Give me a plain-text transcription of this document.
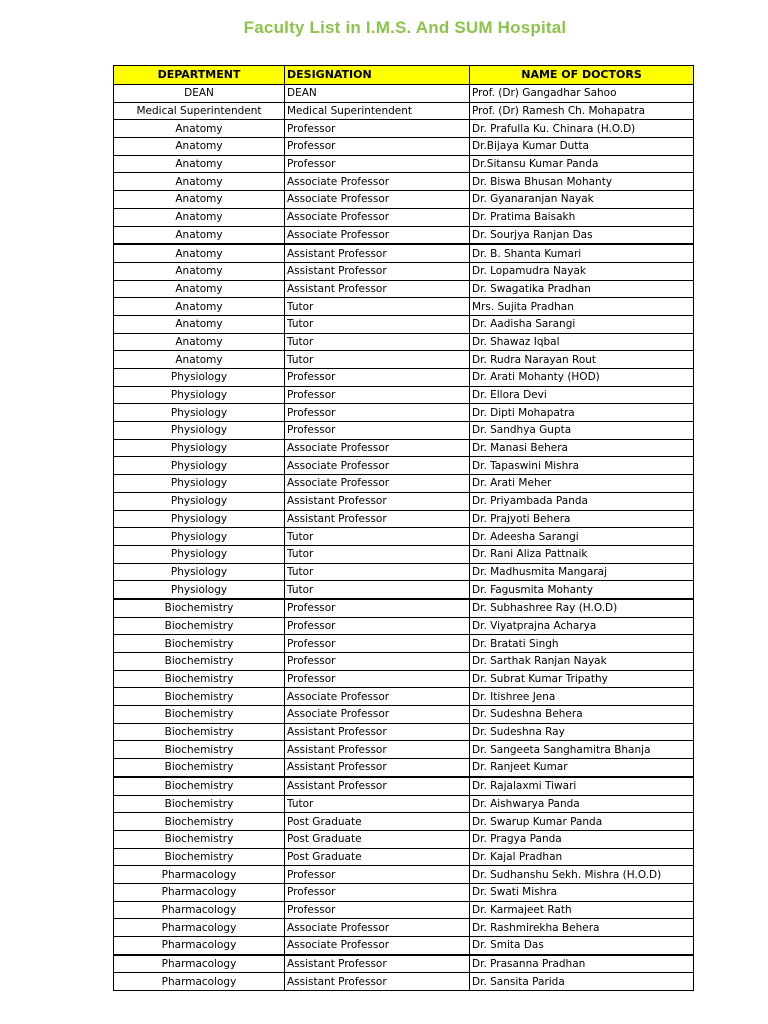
Faculty List in I.M.S. And SUM Hospital
DEPARTMENT	DESIGNATION	NAME OF DOCTORS
DEAN	DEAN	Prof. (Dr) Gangadhar Sahoo
Medical Superintendent	Medical Superintendent	Prof. (Dr) Ramesh Ch. Mohapatra
Anatomy	Professor	Dr. Prafulla Ku. Chinara (H.O.D)
Anatomy	Professor	Dr.Bijaya Kumar Dutta
Anatomy	Professor	Dr.Sitansu Kumar Panda
Anatomy	Associate Professor	Dr. Biswa Bhusan Mohanty
Anatomy	Associate Professor	Dr. Gyanaranjan Nayak
Anatomy	Associate Professor	Dr. Pratima Baisakh
Anatomy	Associate Professor	Dr. Sourjya Ranjan Das
Anatomy	Assistant Professor	Dr. B. Shanta Kumari
Anatomy	Assistant Professor	Dr. Lopamudra Nayak
Anatomy	Assistant Professor	Dr. Swagatika Pradhan
Anatomy	Tutor	Mrs. Sujita Pradhan
Anatomy	Tutor	Dr. Aadisha Sarangi
Anatomy	Tutor	Dr. Shawaz Iqbal
Anatomy	Tutor	Dr. Rudra Narayan Rout
Physiology	Professor	Dr. Arati Mohanty (HOD)
Physiology	Professor	Dr. Ellora Devi
Physiology	Professor	Dr. Dipti Mohapatra
Physiology	Professor	Dr. Sandhya Gupta
Physiology	Associate Professor	Dr. Manasi Behera
Physiology	Associate Professor	Dr. Tapaswini Mishra
Physiology	Associate Professor	Dr. Arati Meher
Physiology	Assistant Professor	Dr. Priyambada Panda
Physiology	Assistant Professor	Dr. Prajyoti Behera
Physiology	Tutor	Dr. Adeesha Sarangi
Physiology	Tutor	Dr. Rani Aliza Pattnaik
Physiology	Tutor	Dr. Madhusmita Mangaraj
Physiology	Tutor	Dr. Fagusmita Mohanty
Biochemistry	Professor	Dr. Subhashree Ray (H.O.D)
Biochemistry	Professor	Dr. Viyatprajna Acharya
Biochemistry	Professor	Dr. Bratati Singh
Biochemistry	Professor	Dr. Sarthak Ranjan Nayak
Biochemistry	Professor	Dr. Subrat Kumar Tripathy
Biochemistry	Associate Professor	Dr. Itishree Jena
Biochemistry	Associate Professor	Dr. Sudeshna Behera
Biochemistry	Assistant Professor	Dr. Sudeshna Ray
Biochemistry	Assistant Professor	Dr. Sangeeta Sanghamitra Bhanja
Biochemistry	Assistant Professor	Dr. Ranjeet Kumar
Biochemistry	Assistant Professor	Dr. Rajalaxmi Tiwari
Biochemistry	Tutor	Dr. Aishwarya Panda
Biochemistry	Post Graduate	Dr. Swarup Kumar Panda
Biochemistry	Post Graduate	Dr. Pragya Panda
Biochemistry	Post Graduate	Dr. Kajal Pradhan
Pharmacology	Professor	Dr. Sudhanshu Sekh. Mishra (H.O.D)
Pharmacology	Professor	Dr. Swati Mishra
Pharmacology	Professor	Dr. Karmajeet Rath
Pharmacology	Associate Professor	Dr. Rashmirekha Behera
Pharmacology	Associate Professor	Dr. Smita Das
Pharmacology	Assistant Professor	Dr. Prasanna Pradhan
Pharmacology	Assistant Professor	Dr. Sansita Parida
